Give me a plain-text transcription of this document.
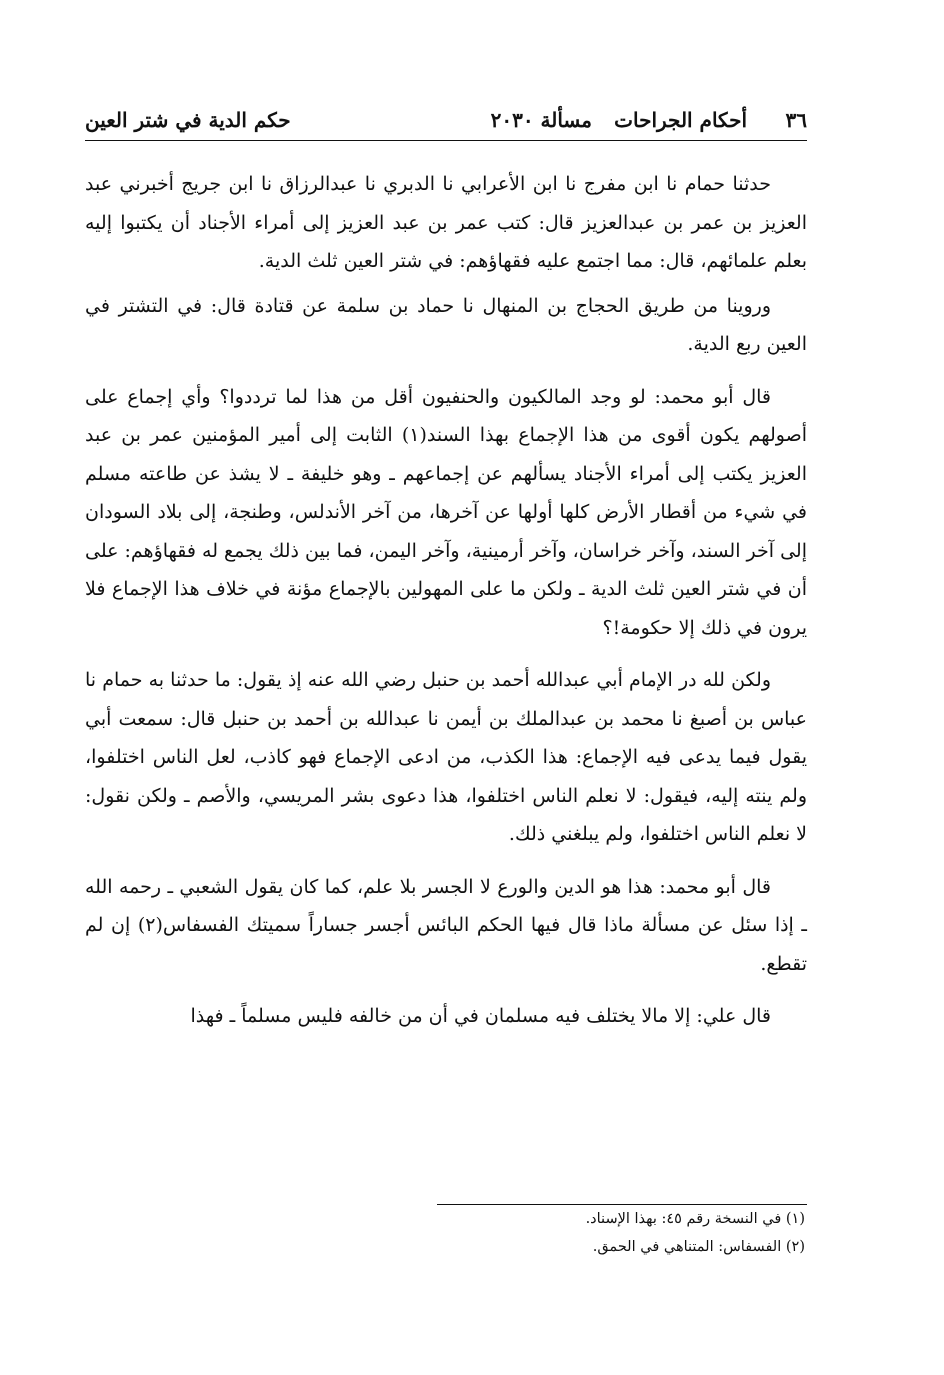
٣٦
أحكام الجراحات
مسألة ٢٠٣٠
حكم الدية في شتر العين

حدثنا حمام نا ابن مفرج نا ابن الأعرابي نا الدبري نا عبدالرزاق نا ابن جريج أخبرني عبد العزيز بن عمر بن عبدالعزيز قال: كتب عمر بن عبد العزيز إلى أمراء الأجناد أن يكتبوا إليه بعلم علمائهم، قال: مما اجتمع عليه فقهاؤهم: في شتر العين ثلث الدية.

وروينا من طريق الحجاج بن المنهال نا حماد بن سلمة عن قتادة قال: في التشتر في العين ربع الدية.

قال أبو محمد: لو وجد المالكيون والحنفيون أقل من هذا لما ترددوا؟ وأي إجماع على أصولهم يكون أقوى من هذا الإجماع بهذا السند(١) الثابت إلى أمير المؤمنين عمر بن عبد العزيز يكتب إلى أمراء الأجناد يسألهم عن إجماعهم ـ وهو خليفة ـ لا يشذ عن طاعته مسلم في شيء من أقطار الأرض كلها أولها عن آخرها، من آخر الأندلس، وطنجة، إلى بلاد السودان إلى آخر السند، وآخر خراسان، وآخر أرمينية، وآخر اليمن، فما بين ذلك يجمع له فقهاؤهم: على أن في شتر العين ثلث الدية ـ ولكن ما على المهولين بالإجماع مؤنة في خلاف هذا الإجماع فلا يرون في ذلك إلا حكومة!؟

ولكن لله در الإمام أبي عبدالله أحمد بن حنبل رضي الله عنه إذ يقول: ما حدثنا به حمام نا عباس بن أصبغ نا محمد بن عبدالملك بن أيمن نا عبدالله بن أحمد بن حنبل قال: سمعت أبي يقول فيما يدعى فيه الإجماع: هذا الكذب، من ادعى الإجماع فهو كاذب، لعل الناس اختلفوا، ولم ينته إليه، فيقول: لا نعلم الناس اختلفوا، هذا دعوى بشر المريسي، والأصم ـ ولكن نقول: لا نعلم الناس اختلفوا، ولم يبلغني ذلك.

قال أبو محمد: هذا هو الدين والورع لا الجسر بلا علم، كما كان يقول الشعبي ـ رحمه الله ـ إذا سئل عن مسألة ماذا قال فيها الحكم البائس أجسر جساراً سميتك الفسفاس(٢) إن لم تقطع.

قال علي: إلا مالا يختلف فيه مسلمان في أن من خالفه فليس مسلماً ـ فهذا

(١) في النسخة رقم ٤٥: بهذا الإسناد.
(٢) الفسفاس: المتناهي في الحمق.
